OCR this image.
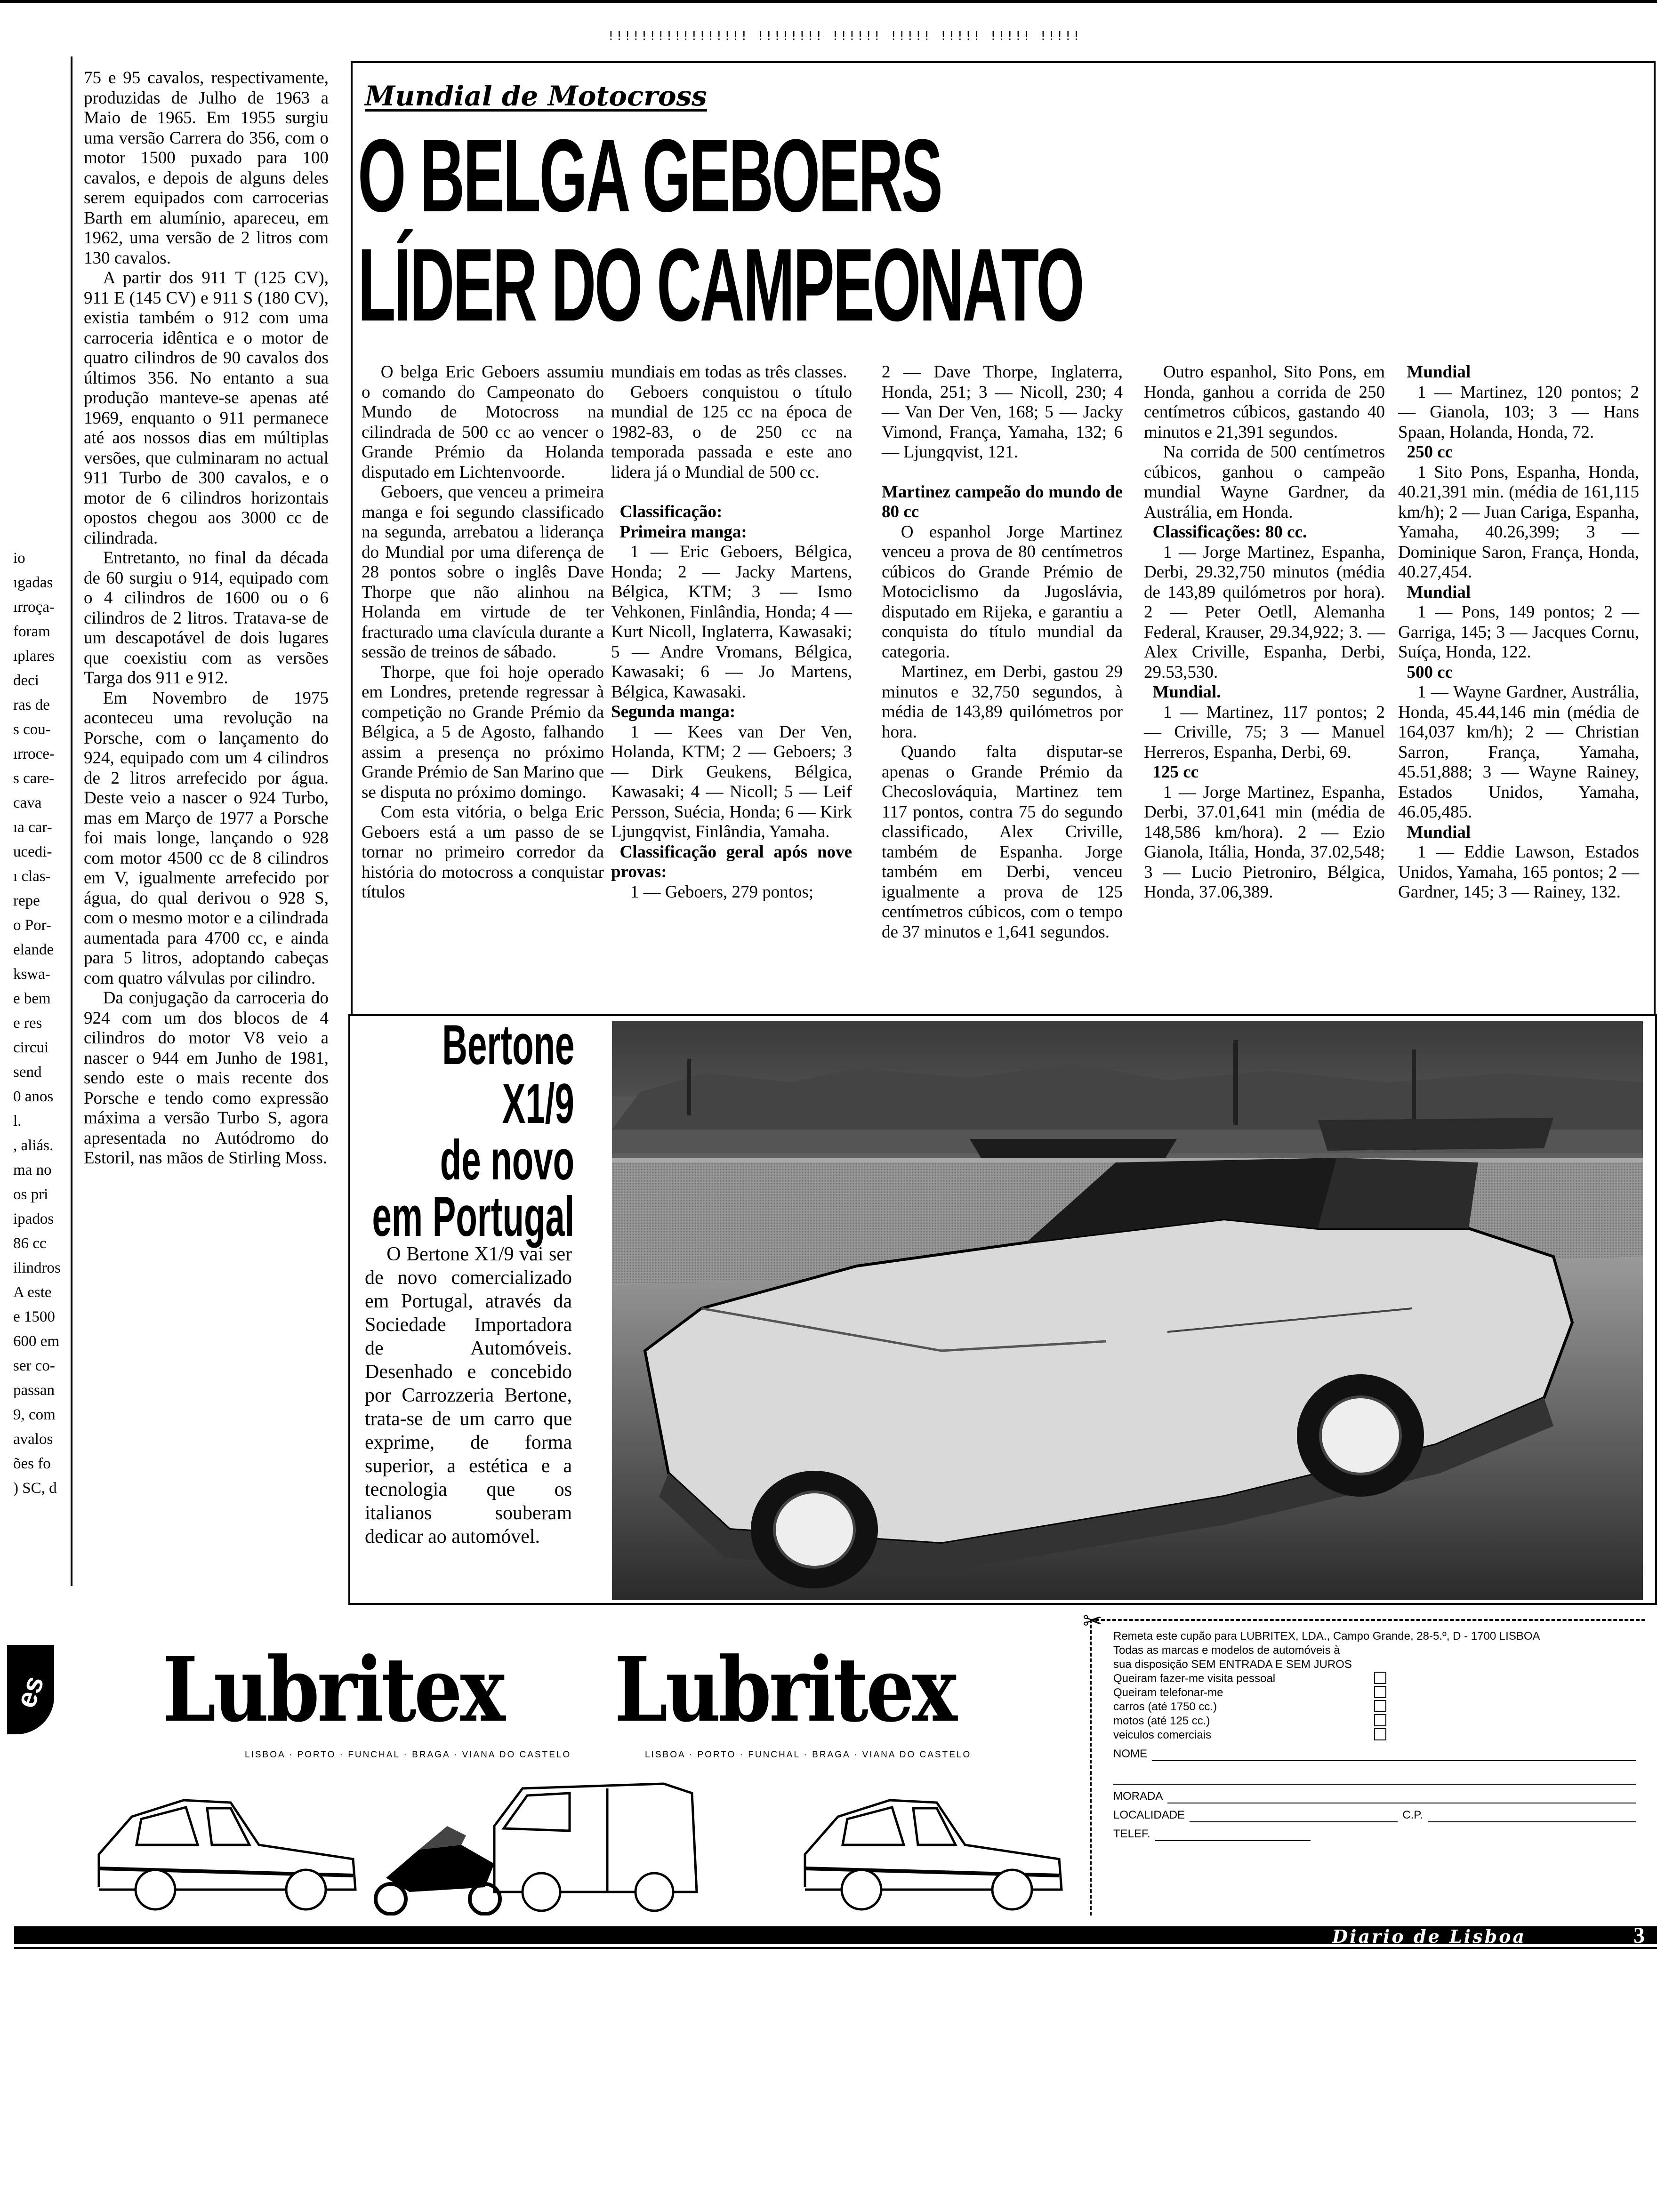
!!!!!!!!!!!!!!!!! !!!!!!!! !!!!!! !!!!! !!!!! !!!!! !!!!!
io
ıgadas
ırroça-
foram
ıplares
deci
ras de
s cou-
ırroce-
s care-
cava
ıa car-
ucedi-
ı clas-
repe
o Por-
elande
kswa-
e bem
e res
circui
send
0 anos
l.
, aliás.
ma no
os pri
ipados
86 cc
ilindros
A este
e 1500
600 em
ser co-
passan
9, com
avalos
ões fo
) SC, d

75 e 95 cavalos, respectivamente, produzidas de Julho de 1963 a Maio de 1965. Em 1955 surgiu uma versão Carrera do 356, com o motor 1500 puxado para 100 cavalos, e depois de alguns deles serem equipados com carrocerias Barth em alumínio, apareceu, em 1962, uma versão de 2 litros com 130 cavalos.

A partir dos 911 T (125 CV), 911 E (145 CV) e 911 S (180 CV), existia também o 912 com uma carroceria idêntica e o motor de quatro cilindros de 90 cavalos dos últimos 356. No entanto a sua produção manteve-se apenas até 1969, enquanto o 911 permanece até aos nossos dias em múltiplas versões, que culminaram no actual 911 Turbo de 300 cavalos, e o motor de 6 cilindros horizontais opostos chegou aos 3000 cc de cilindrada.

Entretanto, no final da década de 60 surgiu o 914, equipado com o 4 cilindros de 1600 ou o 6 cilindros de 2 litros. Tratava-se de um descapotável de dois lugares que coexistiu com as versões Targa dos 911 e 912.

Em Novembro de 1975 aconteceu uma revolução na Porsche, com o lançamento do 924, equipado com um 4 cilindros de 2 litros arrefecido por água. Deste veio a nascer o 924 Turbo, mas em Março de 1977 a Porsche foi mais longe, lançando o 928 com motor 4500 cc de 8 cilindros em V, igualmente arrefecido por água, do qual derivou o 928 S, com o mesmo motor e a cilindrada aumentada para 4700 cc, e ainda para 5 litros, adoptando cabeças com quatro válvulas por cilindro.

Da conjugação da carroceria do 924 com um dos blocos de 4 cilindros do motor V8 veio a nascer o 944 em Junho de 1981, sendo este o mais recente dos Porsche e tendo como expressão máxima a versão Turbo S, agora apresentada no Autódromo do Estoril, nas mãos de Stirling Moss.

Mundial de Motocross
O BELGA GEBOERS
LÍDER DO CAMPEONATO

O belga Eric Geboers assumiu o comando do Campeonato do Mundo de Motocross na cilindrada de 500 cc ao vencer o Grande Prémio da Holanda disputado em Lichtenvoorde.

Geboers, que venceu a primeira manga e foi segundo classificado na segunda, arrebatou a liderança do Mundial por uma diferença de 28 pontos sobre o inglês Dave Thorpe que não alinhou na Holanda em virtude de ter fracturado uma clavícula durante a sessão de treinos de sábado.

Thorpe, que foi hoje operado em Londres, pretende regressar à competição no Grande Prémio da Bélgica, a 5 de Agosto, falhando assim a presença no próximo Grande Prémio de San Marino que se disputa no próximo domingo.

Com esta vitória, o belga Eric Geboers está a um passo de se tornar no primeiro corredor da história do motocross a conquistar títulos

mundiais em todas as três classes.

Geboers conquistou o título mundial de 125 cc na época de 1982-83, o de 250 cc na temporada passada e este ano lidera já o Mundial de 500 cc.

Classificação:

Primeira manga:

1 — Eric Geboers, Bélgica, Honda; 2 — Jacky Martens, Bélgica, KTM; 3 — Ismo Vehkonen, Finlândia, Honda; 4 — Kurt Nicoll, Inglaterra, Kawasaki; 5 — Andre Vromans, Bélgica, Kawasaki; 6 — Jo Martens, Bélgica, Kawasaki.

Segunda manga:

1 — Kees van Der Ven, Holanda, KTM; 2 — Geboers; 3 — Dirk Geukens, Bélgica, Kawasaki; 4 — Nicoll; 5 — Leif Persson, Suécia, Honda; 6 — Kirk Ljungqvist, Finlândia, Yamaha.

Classificação geral após nove provas:

1 — Geboers, 279 pontos;

2 — Dave Thorpe, Inglaterra, Honda, 251; 3 — Nicoll, 230; 4 — Van Der Ven, 168; 5 — Jacky Vimond, França, Yamaha, 132; 6 — Ljungqvist, 121.

Martinez campeão do mundo de 80 cc

O espanhol Jorge Martinez venceu a prova de 80 centímetros cúbicos do Grande Prémio de Motociclismo da Jugoslávia, disputado em Rijeka, e garantiu a conquista do título mundial da categoria.

Martinez, em Derbi, gastou 29 minutos e 32,750 segundos, à média de 143,89 quilómetros por hora.

Quando falta disputar-se apenas o Grande Prémio da Checoslováquia, Martinez tem 117 pontos, contra 75 do segundo classificado, Alex Criville, também de Espanha. Jorge também em Derbi, venceu igualmente a prova de 125 centímetros cúbicos, com o tempo de 37 minutos e 1,641 segundos.

Outro espanhol, Sito Pons, em Honda, ganhou a corrida de 250 centímetros cúbicos, gastando 40 minutos e 21,391 segundos.

Na corrida de 500 centímetros cúbicos, ganhou o campeão mundial Wayne Gardner, da Austrália, em Honda.

Classificações: 80 cc.

1 — Jorge Martinez, Espanha, Derbi, 29.32,750 minutos (média de 143,89 quilómetros por hora). 2 — Peter Oetll, Alemanha Federal, Krauser, 29.34,922; 3. — Alex Criville, Espanha, Derbi, 29.53,530.

Mundial.

1 — Martinez, 117 pontos; 2 — Criville, 75; 3 — Manuel Herreros, Espanha, Derbi, 69.

125 cc

1 — Jorge Martinez, Espanha, Derbi, 37.01,641 min (média de 148,586 km/hora). 2 — Ezio Gianola, Itália, Honda, 37.02,548; 3 — Lucio Pietroniro, Bélgica, Honda, 37.06,389.

Mundial

1 — Martinez, 120 pontos; 2 — Gianola, 103; 3 — Hans Spaan, Holanda, Honda, 72.

250 cc

1 Sito Pons, Espanha, Honda, 40.21,391 min. (média de 161,115 km/h); 2 — Juan Cariga, Espanha, Yamaha, 40.26,399; 3 — Dominique Saron, França, Honda, 40.27,454.

Mundial

1 — Pons, 149 pontos; 2 — Garriga, 145; 3 — Jacques Cornu, Suíça, Honda, 122.

500 cc

1 — Wayne Gardner, Austrália, Honda, 45.44,146 min (média de 164,037 km/h); 2 — Christian Sarron, França, Yamaha, 45.51,888; 3 — Wayne Rainey, Estados Unidos, Yamaha, 46.05,485.

Mundial

1 — Eddie Lawson, Estados Unidos, Yamaha, 165 pontos; 2 — Gardner, 145; 3 — Rainey, 132.

Bertone
X1/9
de novo
em Portugal

O Bertone X1/9 vai ser de novo comercializado em Portugal, através da Sociedade Importadora de Automóveis. Desenhado e concebido por Carrozzeria Bertone, trata-se de um carro que exprime, de forma superior, a estética e a tecnologia que os italianos souberam dedicar ao automóvel.

es Lubritex Lubritex
LISBOA · PORTO · FUNCHAL · BRAGA · VIANA DO CASTELO	LISBOA · PORTO · FUNCHAL · BRAGA · VIANA DO CASTELO
✂
Remeta este cupão para LUBRITEX, LDA., Campo Grande, 28-5.º, D - 1700 LISBOA
Todas as marcas e modelos de automóveis à
sua disposição SEM ENTRADA E SEM JUROS
Queiram fazer-me visita pessoal
Queiram telefonar-me
carros (até 1750 cc.)
motos (até 125 cc.)
veiculos comerciais
NOME
MORADA
LOCALIDADE	C.P.
TELEF.
Diario de Lisboa	3
